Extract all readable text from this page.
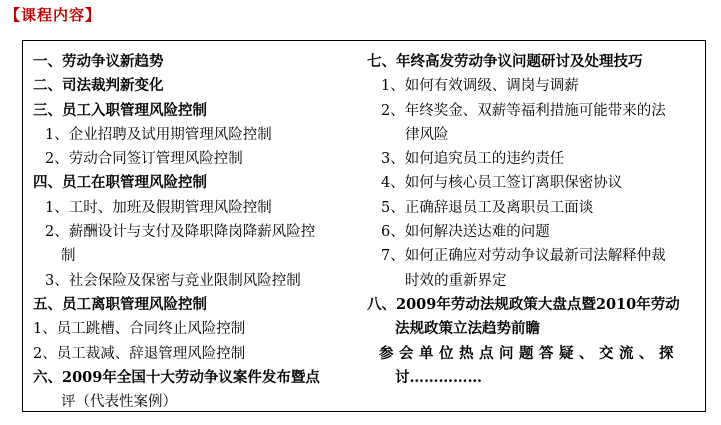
【课程内容】
一、劳动争议新趋势
二、司法裁判新变化
三、员工入职管理风险控制
1、企业招聘及试用期管理风险控制
2、劳动合同签订管理风险控制
四、员工在职管理风险控制
1、工时、加班及假期管理风险控制
2、薪酬设计与支付及降职降岗降薪风险控
制
3、社会保险及保密与竞业限制风险控制
五、员工离职管理风险控制
1、员工跳槽、合同终止风险控制
2、员工裁减、辞退管理风险控制
六、2009年全国十大劳动争议案件发布暨点
评（代表性案例）
七、年终高发劳动争议问题研讨及处理技巧
1、如何有效调级、调岗与调薪
2、年终奖金、双薪等福利措施可能带来的法
律风险
3、如何追究员工的违约责任
4、如何与核心员工签订离职保密协议
5、正确辞退员工及离职员工面谈
6、如何解决送达难的问题
7、如何正确应对劳动争议最新司法解释仲裁
时效的重新界定
八、2009年劳动法规政策大盘点暨2010年劳动
法规政策立法趋势前瞻
参会单位热点问题答疑、交流、探
讨……………
